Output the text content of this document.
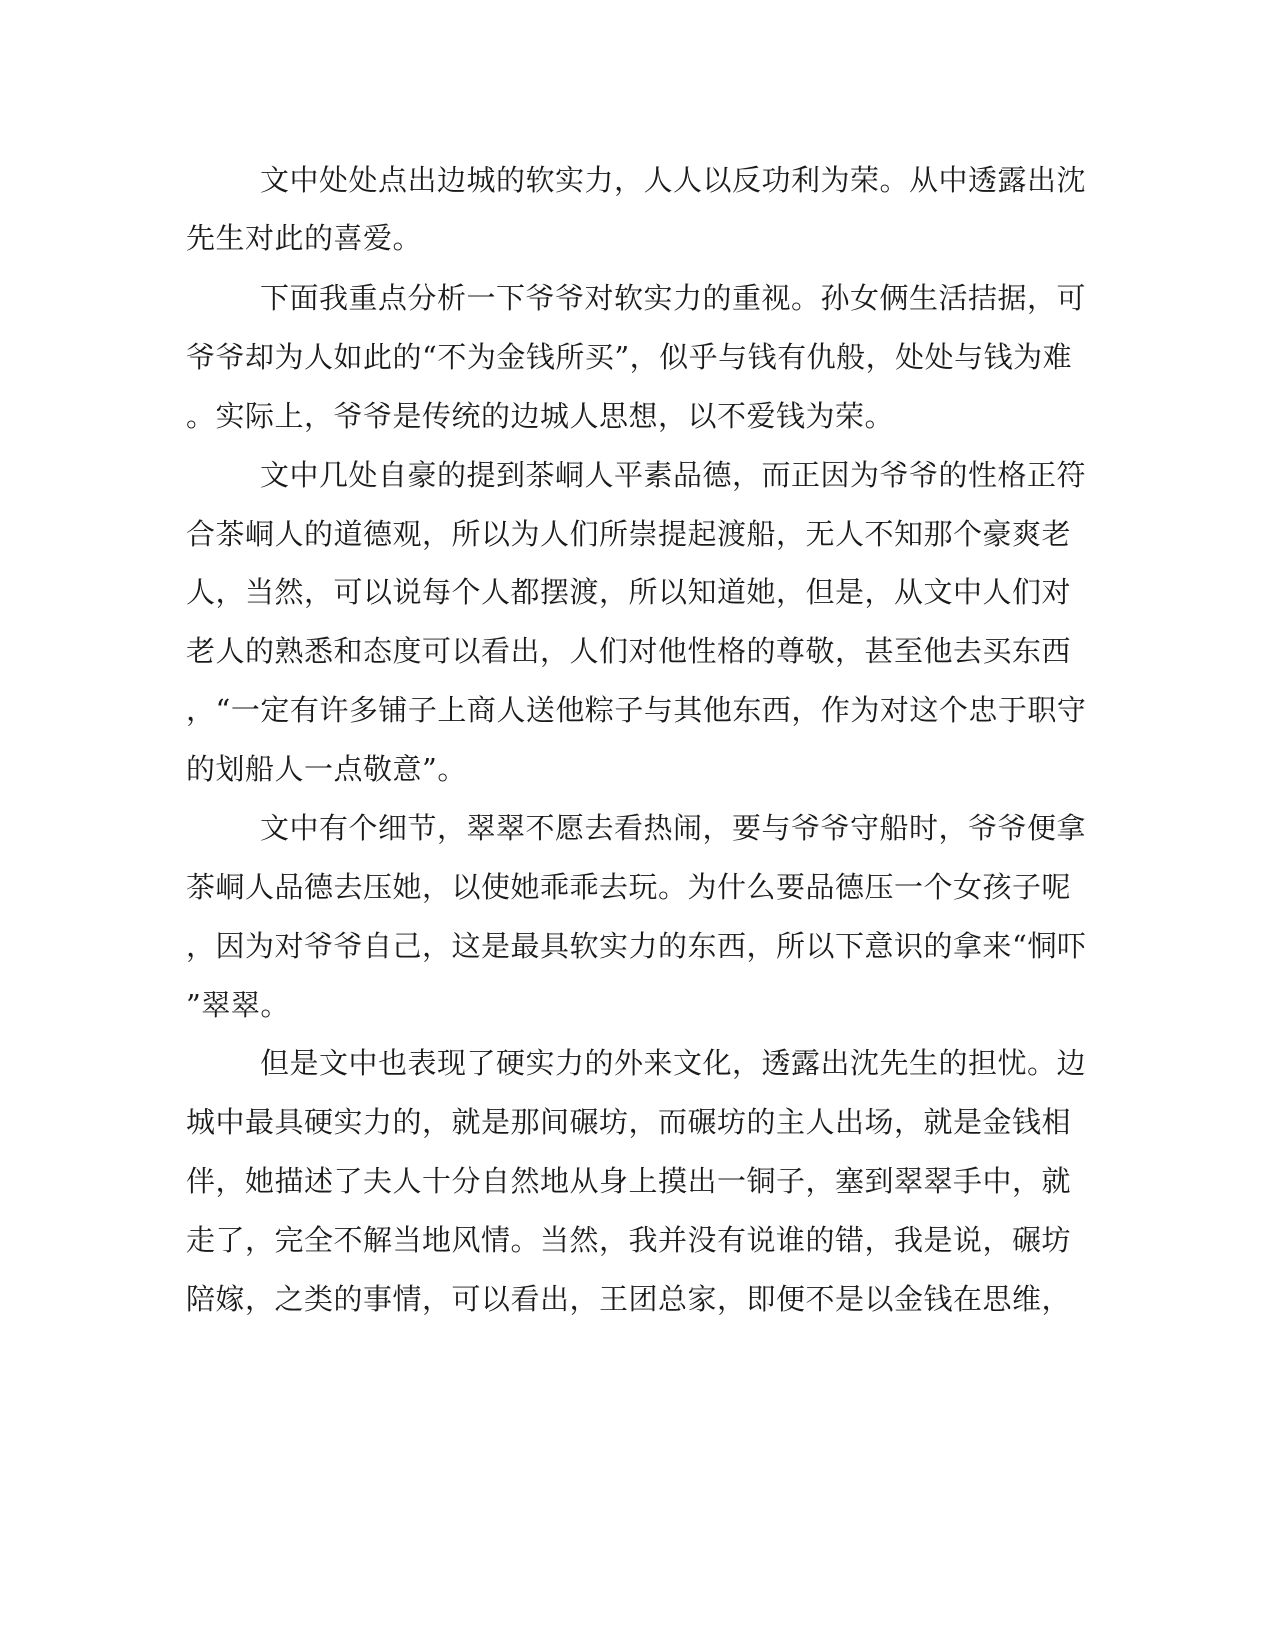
文中处处点出边城的软实力，人人以反功利为荣。从中透露出沈

先生对此的喜爱。

下面我重点分析一下爷爷对软实力的重视。孙女俩生活拮据，可

爷爷却为人如此的“不为金钱所买”，似乎与钱有仇般，处处与钱为难

。实际上，爷爷是传统的边城人思想，以不爱钱为荣。

文中几处自豪的提到茶峒人平素品德，而正因为爷爷的性格正符

合茶峒人的道德观，所以为人们所崇提起渡船，无人不知那个豪爽老

人，当然，可以说每个人都摆渡，所以知道她，但是，从文中人们对

老人的熟悉和态度可以看出，人们对他性格的尊敬，甚至他去买东西

，“一定有许多铺子上商人送他粽子与其他东西，作为对这个忠于职守

的划船人一点敬意”。

文中有个细节，翠翠不愿去看热闹，要与爷爷守船时，爷爷便拿

茶峒人品德去压她，以使她乖乖去玩。为什么要品德压一个女孩子呢

，因为对爷爷自己，这是最具软实力的东西，所以下意识的拿来“恫吓

”翠翠。

但是文中也表现了硬实力的外来文化，透露出沈先生的担忧。边

城中最具硬实力的，就是那间碾坊，而碾坊的主人出场，就是金钱相

伴，她描述了夫人十分自然地从身上摸出一铜子，塞到翠翠手中，就

走了，完全不解当地风情。当然，我并没有说谁的错，我是说，碾坊

陪嫁，之类的事情，可以看出，王团总家，即便不是以金钱在思维，
